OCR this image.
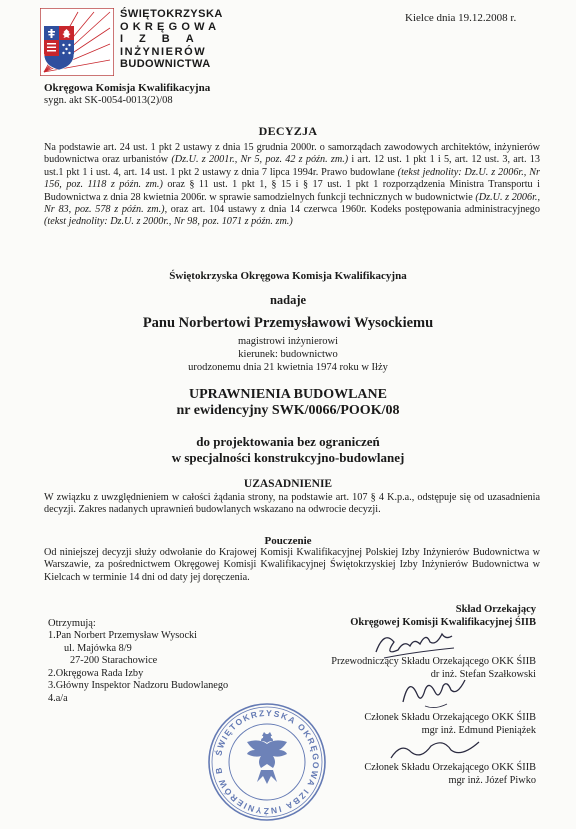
ŚWIĘTOKRZYSKA
OKRĘGOWA
IZBA
INŻYNIERÓW
BUDOWNICTWA
Kielce dnia 19.12.2008 r.
Okręgowa Komisja Kwalifikacyjna
sygn. akt SK-0054-0013(2)/08
DECYZJA
Na podstawie art. 24 ust. 1 pkt 2 ustawy z dnia 15 grudnia 2000r. o samorządach zawodowych architektów, inżynierów budownictwa oraz urbanistów (Dz.U. z 2001r., Nr 5, poz. 42 z późn. zm.) i art. 12 ust. 1 pkt 1 i 5, art. 12 ust. 3, art. 13 ust.1 pkt 1 i ust. 4, art. 14 ust. 1 pkt 2 ustawy z dnia 7 lipca 1994r. Prawo budowlane (tekst jednolity: Dz.U. z 2006r., Nr 156, poz. 1118 z późn. zm.) oraz § 11 ust. 1 pkt 1, § 15 i § 17 ust. 1 pkt 1 rozporządzenia Ministra Transportu i Budownictwa z dnia 28 kwietnia 2006r. w sprawie samodzielnych funkcji technicznych w budownictwie (Dz.U. z 2006r., Nr 83, poz. 578 z późn. zm.), oraz art. 104 ustawy z dnia 14 czerwca 1960r. Kodeks postępowania administracyjnego (tekst jednolity: Dz.U. z 2000r., Nr 98, poz. 1071 z późn. zm.)
Świętokrzyska Okręgowa Komisja Kwalifikacyjna
nadaje
Panu Norbertowi Przemysławowi Wysockiemu
magistrowi inżynierowi
kierunek: budownictwo
urodzonemu dnia 21 kwietnia 1974 roku w Iłży
UPRAWNIENIA BUDOWLANE
nr ewidencyjny SWK/0066/POOK/08
do projektowania bez ograniczeń
w specjalności konstrukcyjno-budowlanej
UZASADNIENIE
W związku z uwzględnieniem w całości żądania strony, na podstawie art. 107 § 4 K.p.a., odstępuje się od uzasadnienia decyzji. Zakres nadanych uprawnień budowlanych wskazano na odwrocie decyzji.
Pouczenie
Od niniejszej decyzji służy odwołanie do Krajowej Komisji Kwalifikacyjnej Polskiej Izby Inżynierów Budownictwa w Warszawie, za pośrednictwem Okręgowej Komisji Kwalifikacyjnej Świętokrzyskiej Izby Inżynierów Budownictwa w Kielcach w terminie 14 dni od daty jej doręczenia.
Skład Orzekający
Okręgowej Komisji Kwalifikacyjnej ŚIIB
Otrzymują:
1.Pan Norbert Przemysław Wysocki
ul. Majówka 8/9
27-200 Starachowice
2.Okręgowa Rada Izby
3.Główny Inspektor Nadzoru Budowlanego
4.a/a
Przewodniczący Składu Orzekającego OKK ŚIIB
dr inż. Stefan Szałkowski
Członek Składu Orzekającego OKK ŚIIB
mgr inż. Edmund Pieniążek
Członek Składu Orzekającego OKK ŚIIB
mgr inż. Józef Piwko
ŚWIĘTOKRZYSKA OKRĘGOWA IZBA INŻYNIERÓW B
